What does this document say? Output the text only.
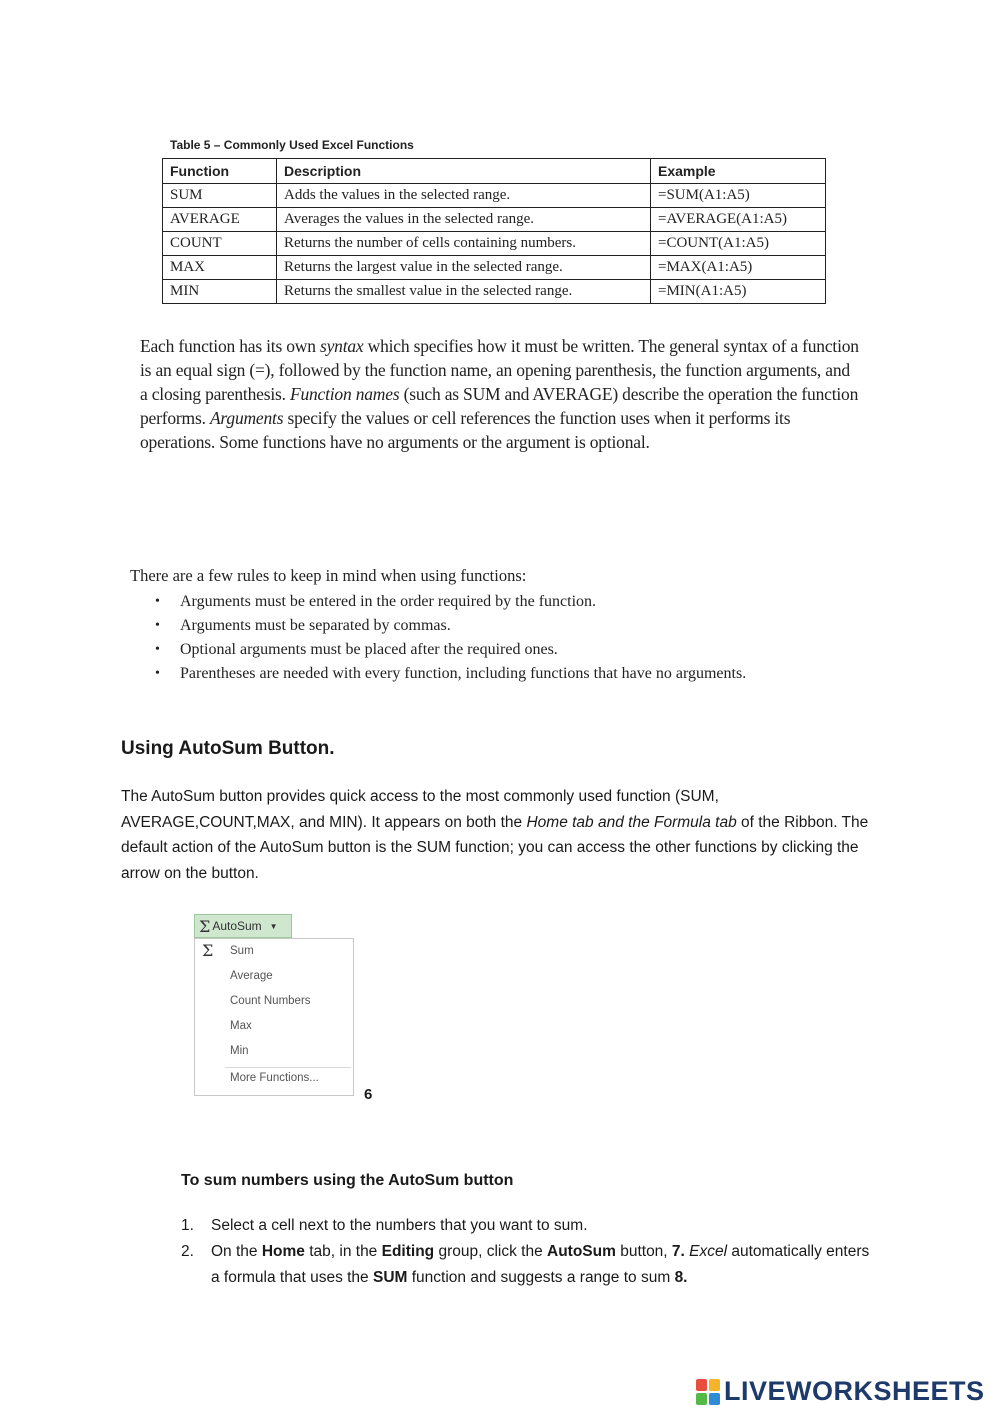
Table 5 – Commonly Used Excel Functions
Function	Description	Example
SUM	Adds the values in the selected range.	=SUM(A1:A5)
AVERAGE	Averages the values in the selected range.	=AVERAGE(A1:A5)
COUNT	Returns the number of cells containing numbers.	=COUNT(A1:A5)
MAX	Returns the largest value in the selected range.	=MAX(A1:A5)
MIN	Returns the smallest value in the selected range.	=MIN(A1:A5)

Each function has its own syntax which specifies how it must be written. The general syntax of a function is an equal sign (=), followed by the function name, an opening parenthesis, the function arguments, and a closing parenthesis. Function names (such as SUM and AVERAGE) describe the operation the function performs. Arguments specify the values or cell references the function uses when it performs its operations. Some functions have no arguments or the argument is optional.

There are a few rules to keep in mind when using functions:
• Arguments must be entered in the order required by the function.
• Arguments must be separated by commas.
• Optional arguments must be placed after the required ones.
• Parentheses are needed with every function, including functions that have no arguments.
Using AutoSum Button.

The AutoSum button provides quick access to the most commonly used function (SUM, AVERAGE,COUNT,MAX, and MIN). It appears on both the Home tab and the Formula tab of the Ribbon. The default action of the AutoSum button is the SUM function; you can access the other functions by clicking the arrow on the button.

Σ AutoSum ▼
Σ Sum
Average
Count Numbers
Max
Min
More Functions...
6
To sum numbers using the AutoSum button
1. Select a cell next to the numbers that you want to sum.
2. On the Home tab, in the Editing group, click the AutoSum button, 7. Excel automatically enters a formula that uses the SUM function and suggests a range to sum 8.
LIVEWORKSHEETS
